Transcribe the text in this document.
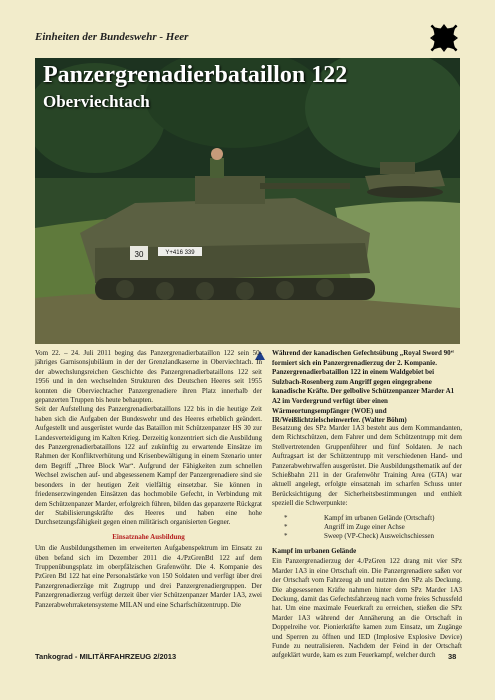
Einheiten der Bundeswehr - Heer
30	Y+416 339
Panzergrenadierbataillon 122
Oberviechtach
Während der kanadischen Gefechtsübung „Royal Sword 90“ formiert sich ein Panzergrenadierzug der 2. Kompanie. Panzergrenadierbataillon 122 in einem Waldgebiet bei Sulzbach-Rosenberg zum Angriff gegen eingegrabene kanadische Kräfte. Der gelbolive Schützenpanzer Marder A1 A2 im Vordergrund verfügt über einen Wärmeortungsempfänger (WOE) und IR/Weißlichtzielscheinwerfer. (Walter Böhm)

Vom 22. – 24. Juli 2011 beging das Panzergrenadierbataillon 122 sein 50-jähriges Garnisonsjubiläum in der der Grenzlandkaserne in Oberviechtach. In der abwechslungsreichen Geschichte des Panzergrenadierbataillons 122 seit 1956 und in den wechselnden Strukturen des Deutschen Heeres seit 1955 konnten die Oberviechtacher Panzergrenadiere ihren Platz innerhalb der gepanzerten Truppen bis heute behaupten.

Seit der Aufstellung des Panzergrenadierbataillons 122 bis in die heutige Zeit haben sich die Aufgaben der Bundeswehr und des Heeres erheblich geändert. Aufgestellt und ausgerüstet wurde das Bataillon mit Schützenpanzer HS 30 zur Landesverteidigung im Kalten Krieg. Derzeitig konzentriert sich die Ausbildung des Panzergrenadierbataillons 122 auf zukünftig zu erwartende Einsätze im Rahmen der Konfliktverhütung und Krisenbewältigung in einem Szenario unter dem Begriff „Three Block War“. Aufgrund der Fähigkeiten zum schnellen Wechsel zwischen auf- und abgesessenem Kampf der Panzergrenadiere sind sie besonders in der heutigen Zeit vielfältig einsetzbar. Sie können in friedenserzwingenden Einsätzen das hochmobile Gefecht, in Verbindung mit dem Schützenpanzer Marder, erfolgreich führen, bilden das gepanzerte Rückgrat der Stabilisierungskräfte des Heeres und haben eine hohe Durchsetzungsfähigkeit gegen einen militärisch organisierten Gegner.

Einsatznahe Ausbildung

Um die Ausbildungsthemen im erweiterten Aufgabenspektrum im Einsatz zu üben befand sich im Dezember 2011 die 4./PzGrenBtl 122 auf dem Truppenübungsplatz im oberpfälzischen Grafenwöhr. Die 4. Kompanie des PzGren Btl 122 hat eine Personalstärke von 150 Soldaten und verfügt über drei Panzergrenadierzüge mit Zugtrupp und drei Panzergrenadiergruppen. Der Panzergrenadierzug verfügt derzeit über vier Schützenpanzer Marder 1A3, zwei Panzerabwehrraketensysteme MILAN und eine Scharfschützentrupp. Die

Besatzung des SPz Marder 1A3 besteht aus dem Kommandanten, dem Richtschützen, dem Fahrer und dem Schützentrupp mit dem Stellvertretenden Gruppenführer und fünf Soldaten. Je nach Auftragsart ist der Schützentrupp mit verschiedenen Hand- und Panzerabwehrwaffen ausgerüstet. Die Ausbildungsthematik auf der Schießbahn 211 in der Grafenwöhr Training Area (GTA) war aktuell angelegt, erfolgte einsatznah im scharfen Schuss unter Berücksichtigung der Sicherheitsbestimmungen und enthielt speziell die Schwerpunkte:

* Kampf im urbanen Gelände (Ortschaft)
* Angriff im Zuge einer Achse
* Sweep (VP-Check) Ausweichschiessen
Kampf im urbanen Gelände

Ein Panzergrenadierzug der 4./PzGren 122 drang mit vier SPz Marder 1A3 in eine Ortschaft ein. Die Panzergrenadiere saßen vor der Ortschaft vom Fahrzeug ab und nutzten den SPz als Deckung. Die abgesessenen Kräfte nahmen hinter dem SPz Marder 1A3 Deckung, damit das Gefechtsfahrzeug nach vorne freies Schussfeld hat. Um eine maximale Feuerkraft zu erreichen, stießen die SPz Marder 1A3 während der Annäherung an die Ortschaft in Doppelreihe vor. Pionierkräfte kamen zum Einsatz, um Zugänge und Sperren zu öffnen und IED (Implosive Explosive Device) Funde zu neutralisieren. Nachdem der Feind in der Ortschaft aufgeklärt wurde, kam es zum Feuerkampf, welcher durch

Tankograd - MILITÄRFAHRZEUG 2/2013	38
